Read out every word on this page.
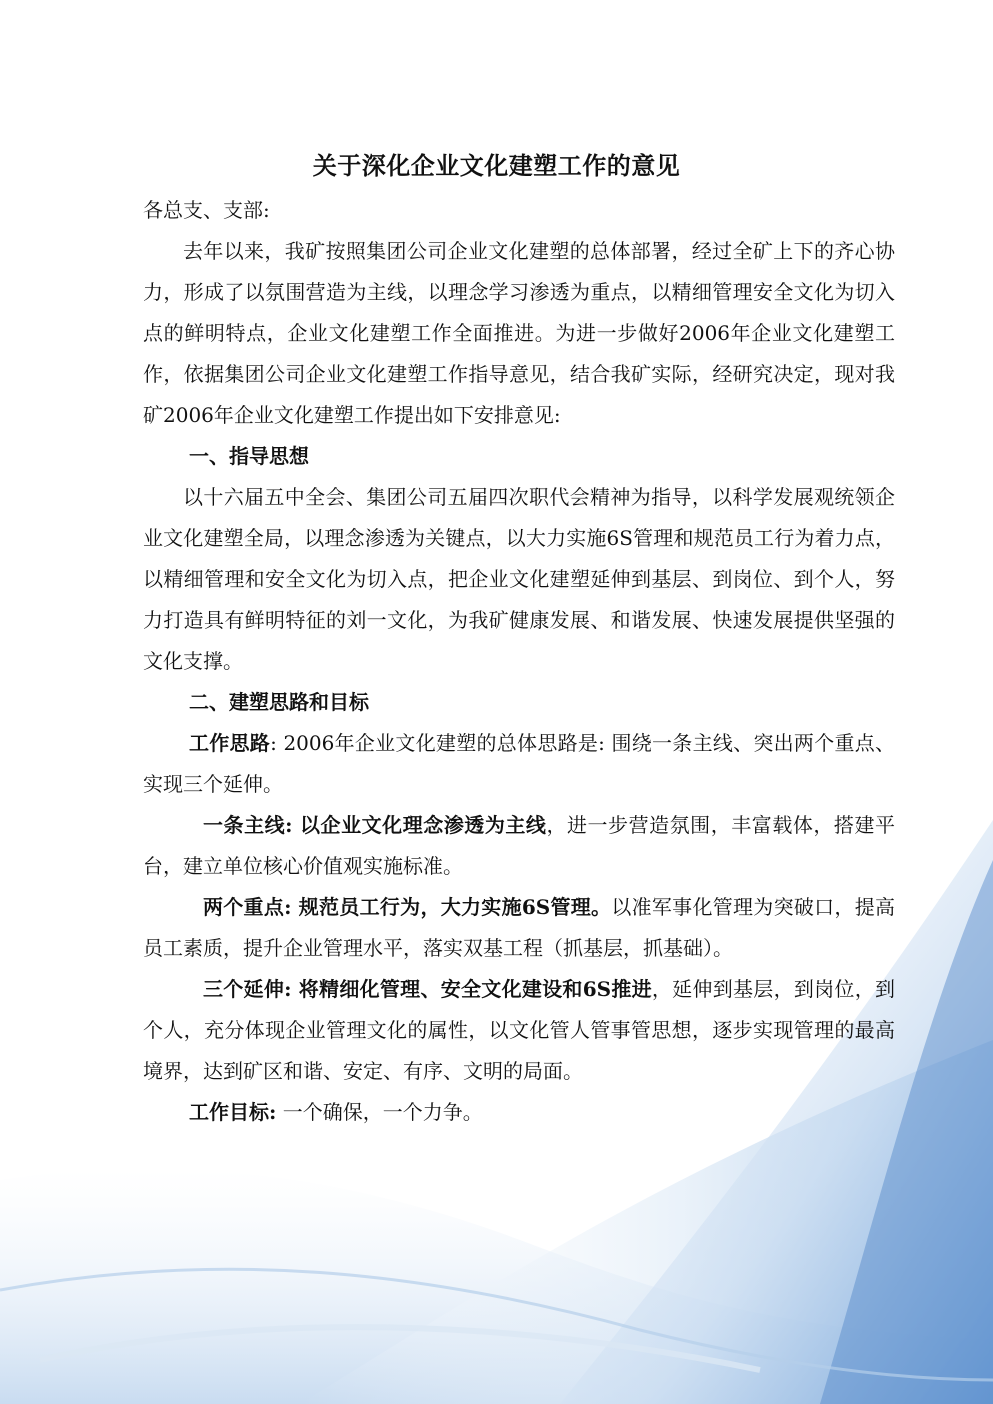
关于深化企业文化建塑工作的意见

各总支、支部:

去年以来，我矿按照集团公司企业文化建塑的总体部署，经过全矿上下的齐心协力，形成了以氛围营造为主线，以理念学习渗透为重点，以精细管理安全文化为切入点的鲜明特点，企业文化建塑工作全面推进。为进一步做好2006年企业文化建塑工作，依据集团公司企业文化建塑工作指导意见，结合我矿实际，经研究决定，现对我矿2006年企业文化建塑工作提出如下安排意见:

一、指导思想

以十六届五中全会、集团公司五届四次职代会精神为指导，以科学发展观统领企业文化建塑全局，以理念渗透为关键点，以大力实施6S管理和规范员工行为着力点，以精细管理和安全文化为切入点，把企业文化建塑延伸到基层、到岗位、到个人，努力打造具有鲜明特征的刘一文化，为我矿健康发展、和谐发展、快速发展提供坚强的文化支撑。

二、建塑思路和目标

工作思路: 2006年企业文化建塑的总体思路是: 围绕一条主线、突出两个重点、实现三个延伸。

一条主线: 以企业文化理念渗透为主线，进一步营造氛围，丰富载体，搭建平台，建立单位核心价值观实施标准。

两个重点: 规范员工行为，大力实施6S管理。以准军事化管理为突破口，提高员工素质，提升企业管理水平，落实双基工程（抓基层，抓基础）。

三个延伸: 将精细化管理、安全文化建设和6S推进，延伸到基层，到岗位，到个人，充分体现企业管理文化的属性，以文化管人管事管思想，逐步实现管理的最高境界，达到矿区和谐、安定、有序、文明的局面。

工作目标: 一个确保，一个力争。
